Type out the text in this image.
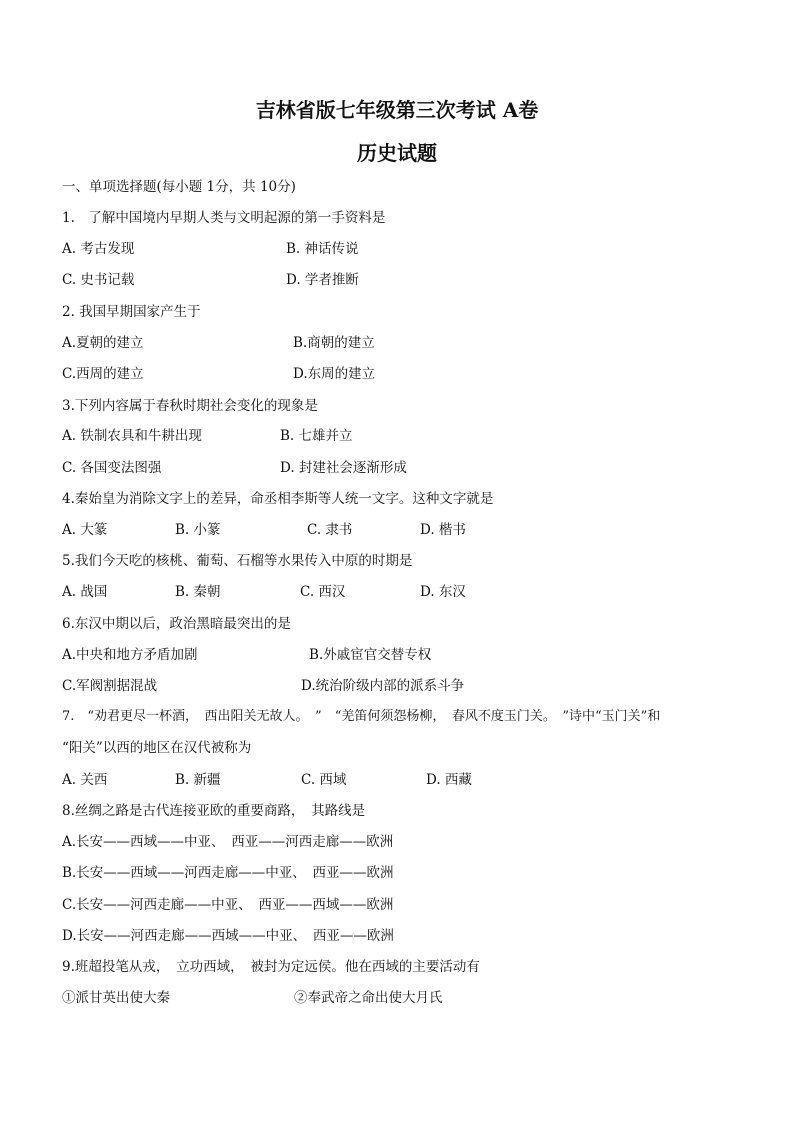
吉林省版七年级第三次考试 A卷
历史试题
一、单项选择题(每小题 1分，共 10分)
1.　了解中国境内早期人类与文明起源的第一手资料是
A. 考古发现	B. 神话传说
C. 史书记载	D. 学者推断
2. 我国早期国家产生于
A.夏朝的建立	B.商朝的建立
C.西周的建立	D.东周的建立
3.下列内容属于春秋时期社会变化的现象是
A. 铁制农具和牛耕出现	B. 七雄并立
C. 各国变法图强	D. 封建社会逐渐形成
4.秦始皇为消除文字上的差异，命丞相李斯等人统一文字。这种文字就是
A. 大篆	B. 小篆	C. 隶书	D. 楷书
5.我们今天吃的核桃、葡萄、石榴等水果传入中原的时期是
A. 战国	B. 秦朝	C. 西汉	D. 东汉
6.东汉中期以后，政治黑暗最突出的是
A.中央和地方矛盾加剧	B.外戚宦官交替专权
C.军阀割据混战	D.统治阶级内部的派系斗争
7.　“劝君更尽一杯酒，　西出阳关无故人。　”　“羌笛何须怨杨柳，　春风不度玉门关。　”诗中“玉门关”和
“阳关”以西的地区在汉代被称为
A. 关西	B. 新疆	C. 西域	D. 西藏
8.丝绸之路是古代连接亚欧的重要商路，　其路线是
A.长安——西域——中亚、　西亚——河西走廊——欧洲
B.长安——西域——河西走廊——中亚、　西亚——欧洲
C.长安——河西走廊——中亚、　西亚——西域——欧洲
D.长安——河西走廊——西域——中亚、　西亚——欧洲
9.班超投笔从戎，　立功西域，　被封为定远侯。他在西域的主要活动有
①派甘英出使大秦	②奉武帝之命出使大月氏
